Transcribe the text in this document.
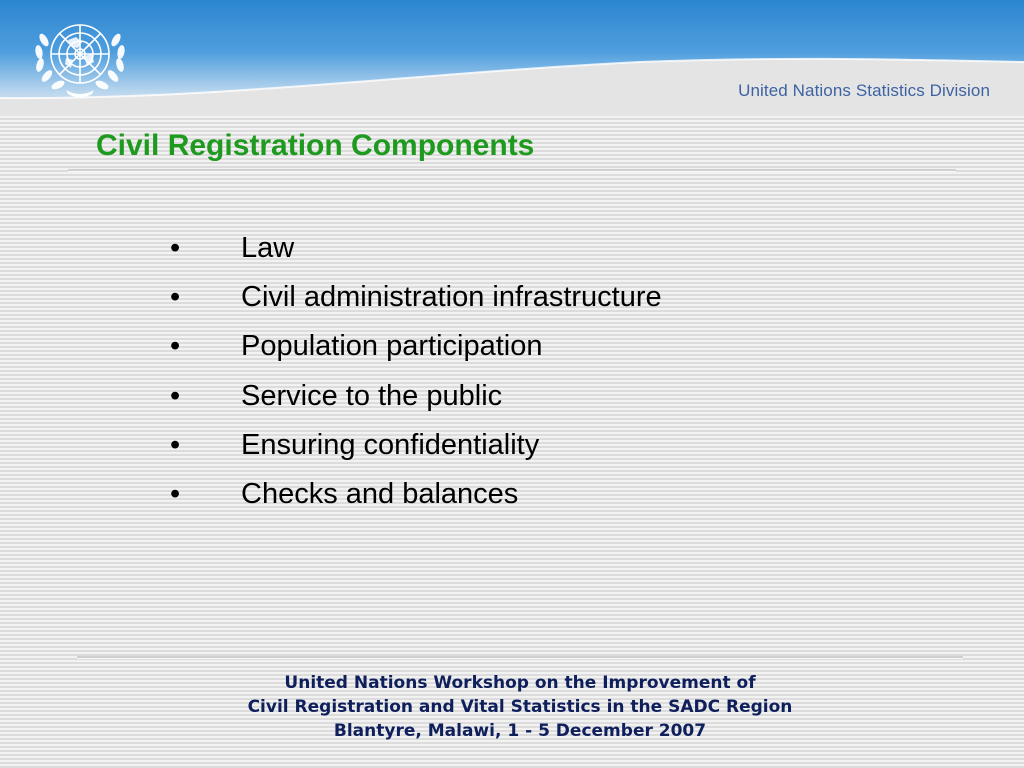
United Nations Statistics Division
Civil Registration Components
• Law
• Civil administration infrastructure
• Population participation
• Service to the public
• Ensuring confidentiality
• Checks and balances
United Nations Workshop on the Improvement of
Civil Registration and Vital Statistics in the SADC Region
Blantyre, Malawi, 1 - 5 December 2007
